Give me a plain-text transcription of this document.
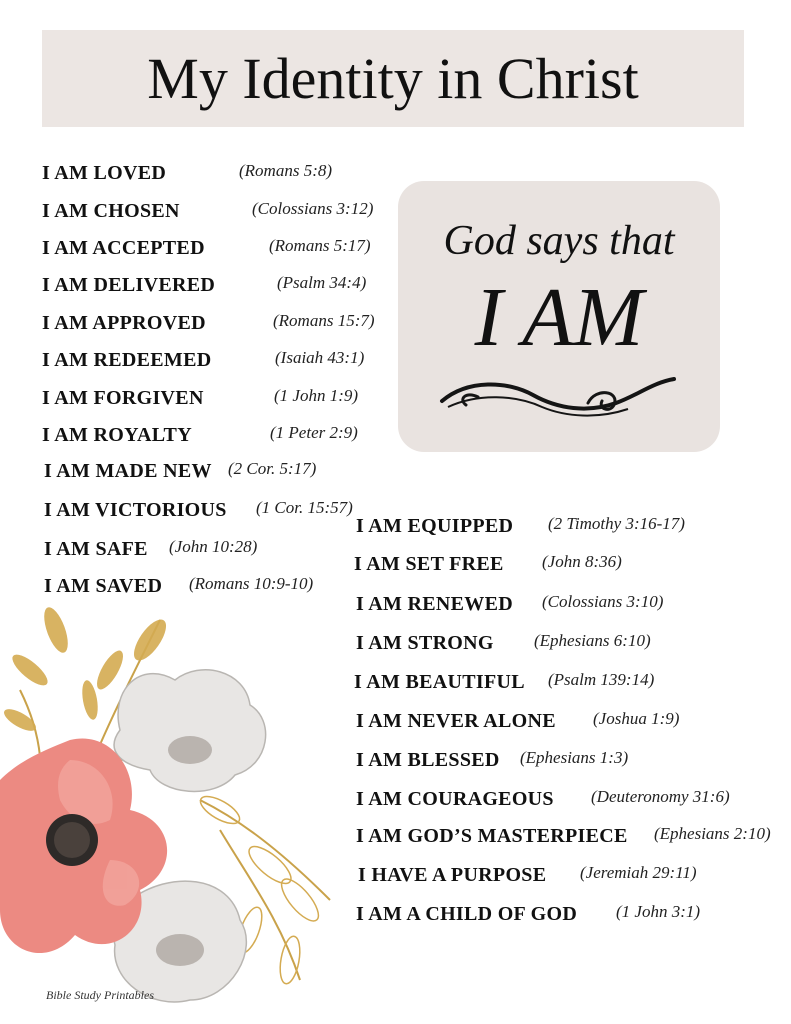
My Identity in Christ
God says that
I AM
I AM LOVED	(Romans 5:8)
I AM CHOSEN	(Colossians 3:12)
I AM ACCEPTED	(Romans 5:17)
I AM DELIVERED	(Psalm 34:4)
I AM APPROVED	(Romans 15:7)
I AM REDEEMED	(Isaiah 43:1)
I AM FORGIVEN	(1 John 1:9)
I AM ROYALTY	(1 Peter 2:9)
I AM MADE NEW (2 Cor. 5:17)
I AM VICTORIOUS (1 Cor. 15:57)
I AM SAFE (John 10:28)
I AM SAVED (Romans 10:9-10)
I AM EQUIPPED (2 Timothy 3:16-17)
I AM SET FREE (John 8:36)
I AM RENEWED (Colossians 3:10)
I AM STRONG (Ephesians 6:10)
I AM BEAUTIFUL (Psalm 139:14)
I AM NEVER ALONE (Joshua 1:9)
I AM BLESSED (Ephesians 1:3)
I AM COURAGEOUS (Deuteronomy 31:6)
I AM GOD’S MASTERPIECE (Ephesians 2:10)
I HAVE A PURPOSE (Jeremiah 29:11)
I AM A CHILD OF GOD (1 John 3:1)
Bible Study Printables
